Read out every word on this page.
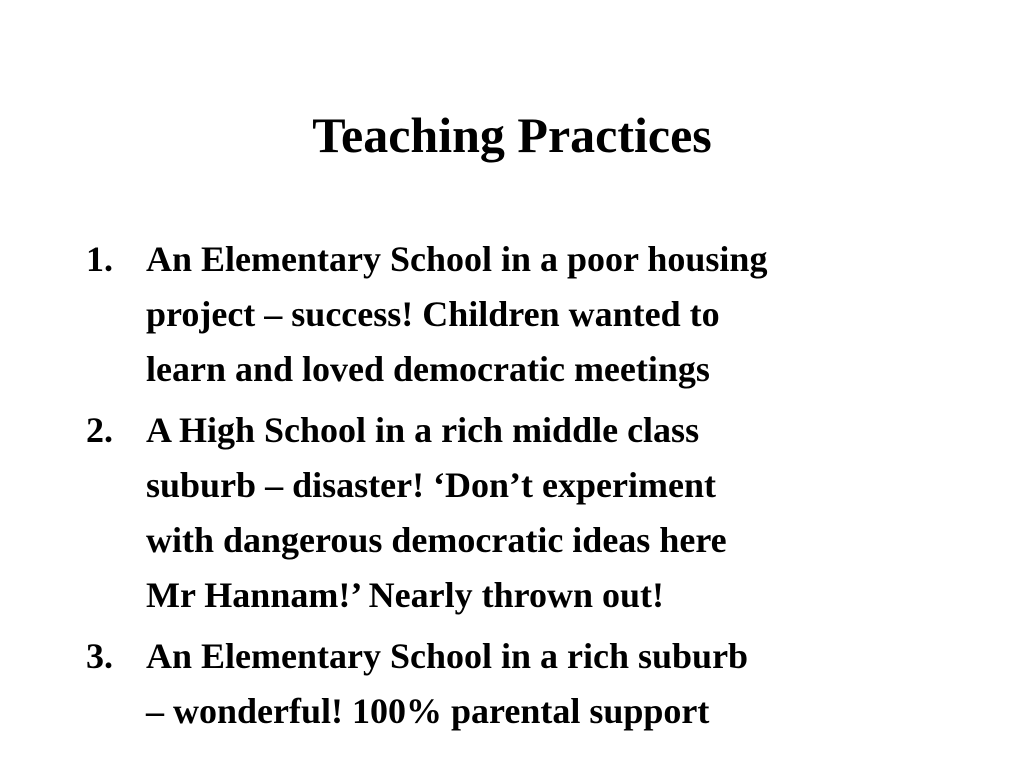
Teaching Practices
1. An Elementary School in a poor housing
project – success! Children wanted to
learn and loved democratic meetings
2. A High School in a rich middle class
suburb – disaster! ‘Don’t experiment
with dangerous democratic ideas here
Mr Hannam!’ Nearly thrown out!
3. An Elementary School in a rich suburb
– wonderful! 100% parental support
